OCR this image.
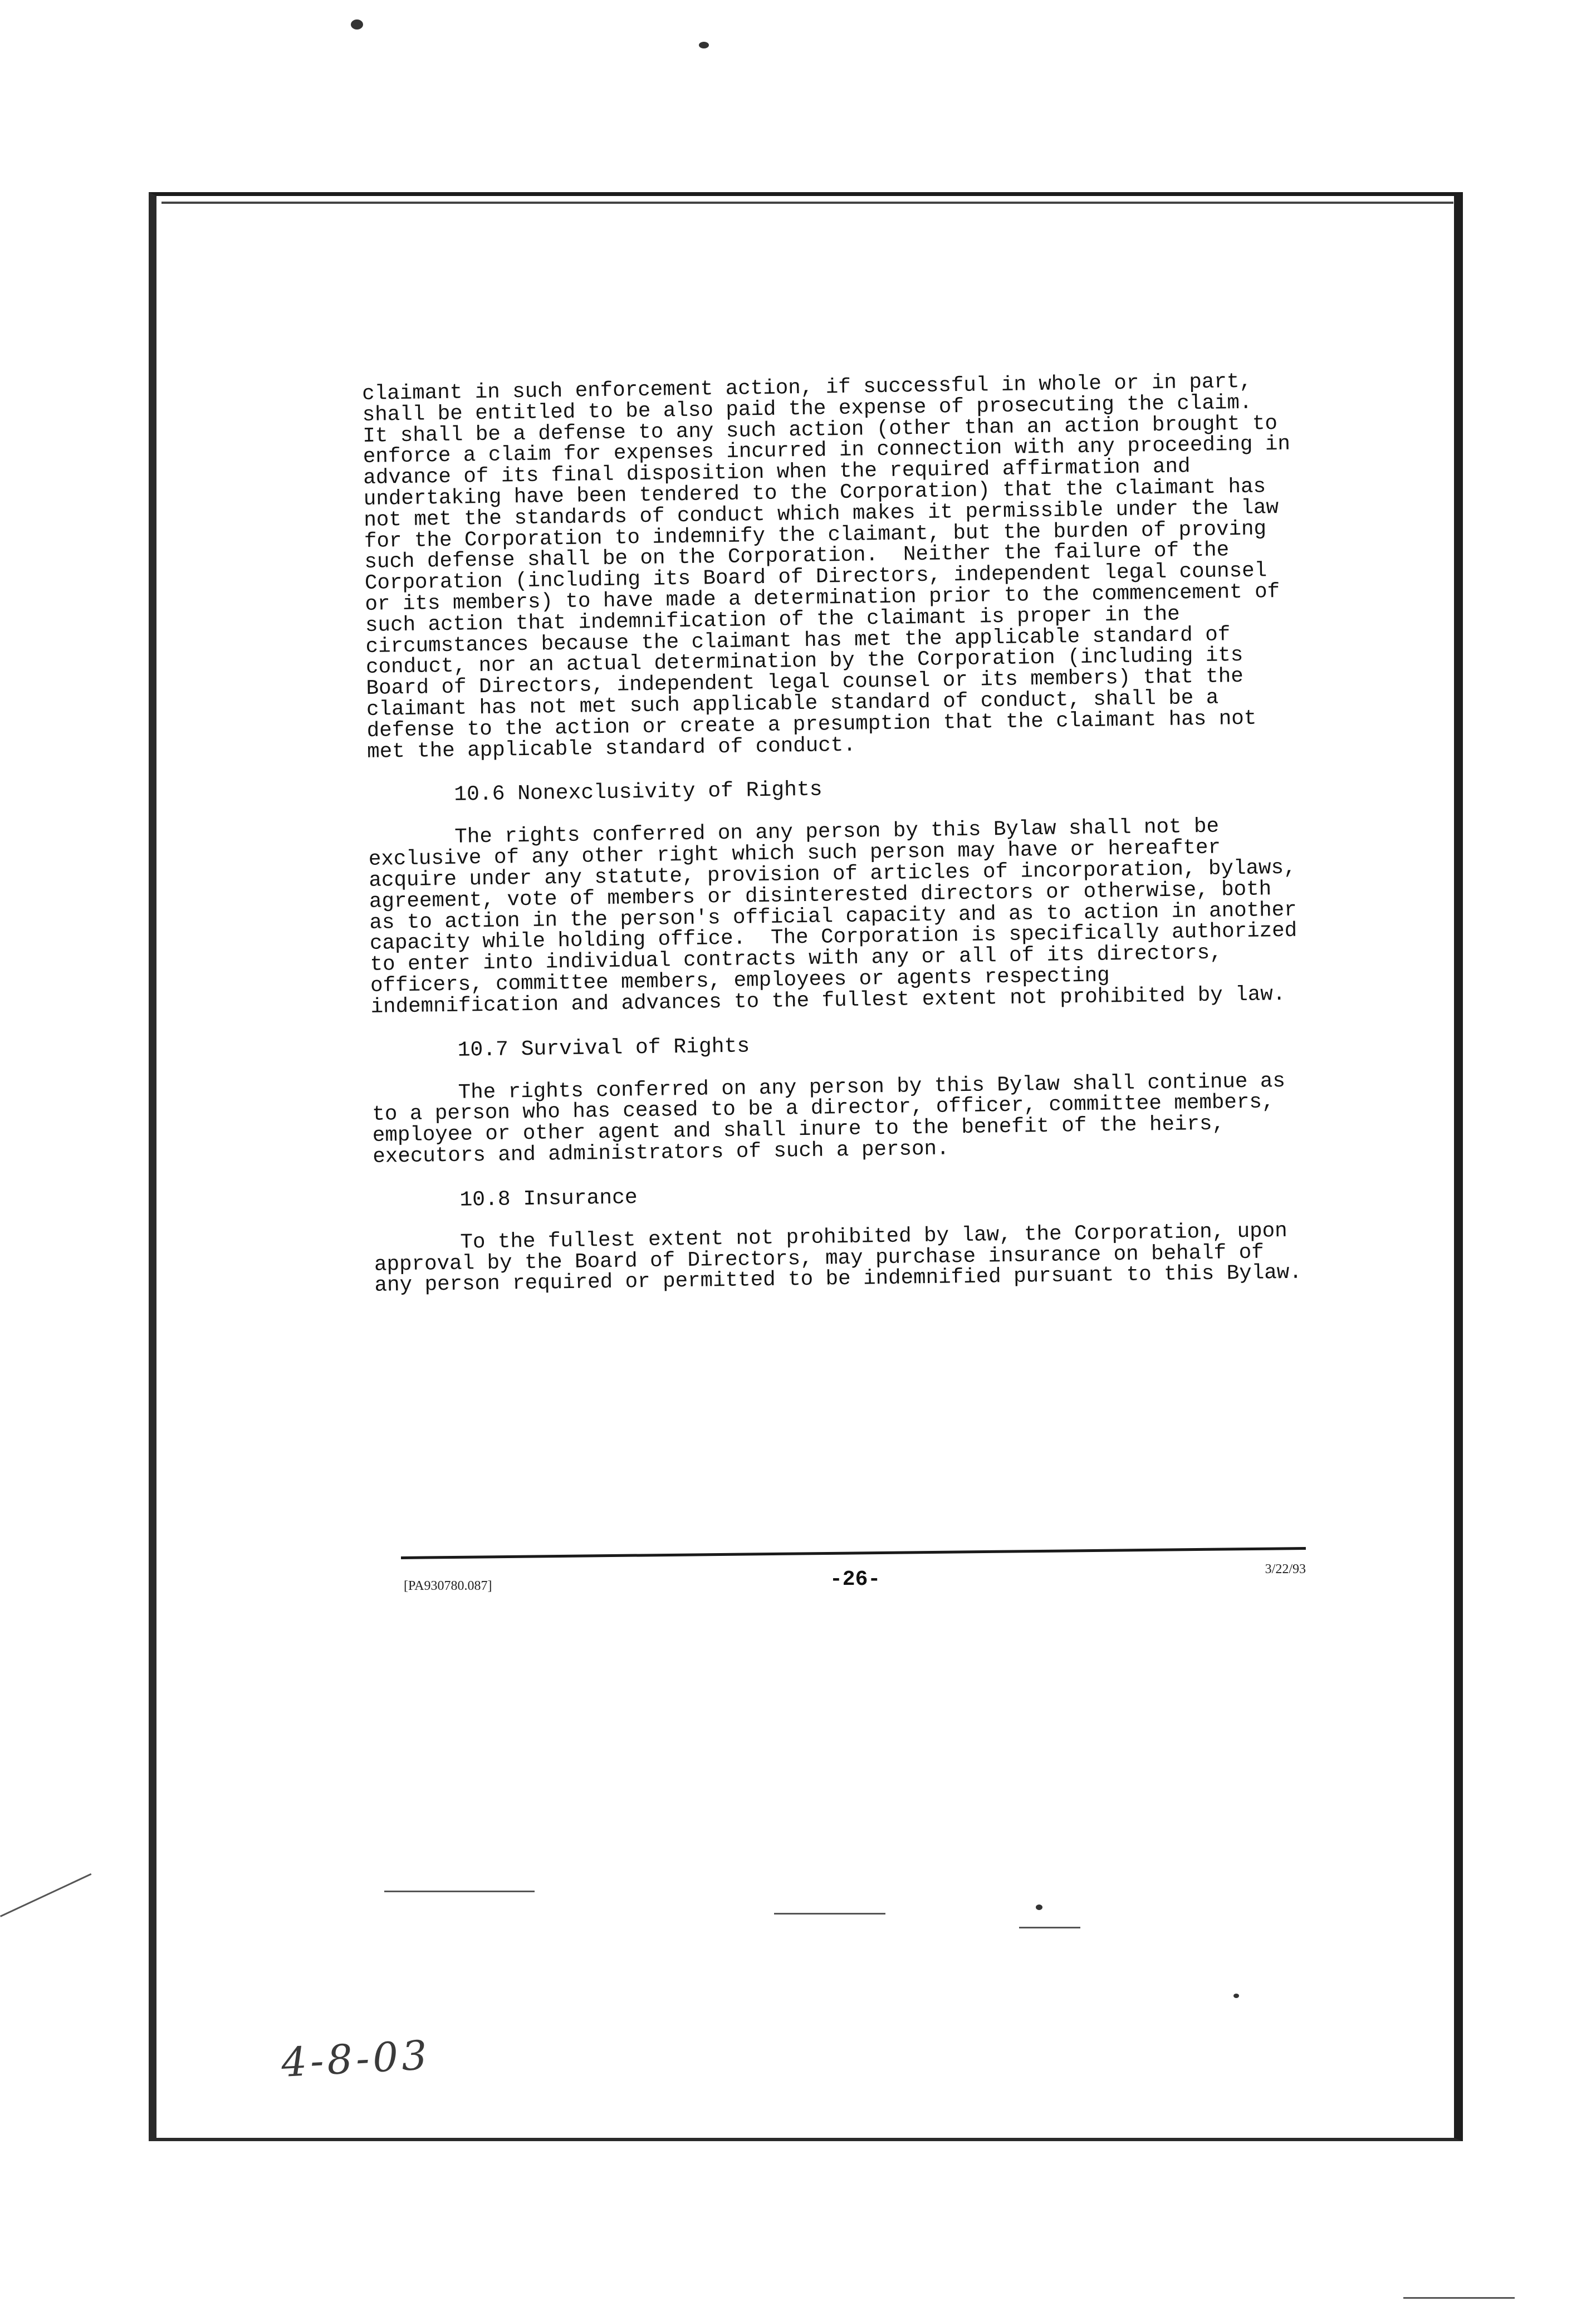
claimant in such enforcement action, if successful in whole or in part, shall be entitled to be also paid the expense of prosecuting the claim.  It shall be a defense to any such action (other than an action brought to enforce a claim for expenses incurred in connection with any proceeding in advance of its final disposition when the required affirmation and undertaking have been tendered to the Corporation) that the claimant has not met the standards of conduct which makes it permissible under the law for the Corporation to indemnify the claimant, but the burden of proving such defense shall be on the Corporation.  Neither the failure of the Corporation (including its Board of Directors, independent legal counsel or its members) to have made a determination prior to the commencement of such action that indemnification of the claimant is proper in the circumstances because the claimant has met the applicable standard of conduct, nor an actual determination by the Corporation (including its Board of Directors, independent legal counsel or its members) that the claimant has not met such applicable standard of conduct, shall be a defense to the action or create a presumption that the claimant has not met the applicable standard of conduct.

10.6 Nonexclusivity of Rights

The rights conferred on any person by this Bylaw shall not be exclusive of any other right which such person may have or hereafter acquire under any statute, provision of articles of incorporation, bylaws, agreement, vote of members or disinterested directors or otherwise, both as to action in the person's official capacity and as to action in another capacity while holding office.  The Corporation is specifically authorized to enter into individual contracts with any or all of its directors, officers, committee members, employees or agents respecting indemnification and advances to the fullest extent not prohibited by law.

10.7 Survival of Rights

The rights conferred on any person by this Bylaw shall continue as to a person who has ceased to be a director, officer, committee members, employee or other agent and shall inure to the benefit of the heirs, executors and administrators of such a person.

10.8 Insurance

To the fullest extent not prohibited by law, the Corporation, upon approval by the Board of Directors, may purchase insurance on behalf of any person required or permitted to be indemnified pursuant to this Bylaw.

[PA930780.087]	-26-	3/22/93
4-8-03
